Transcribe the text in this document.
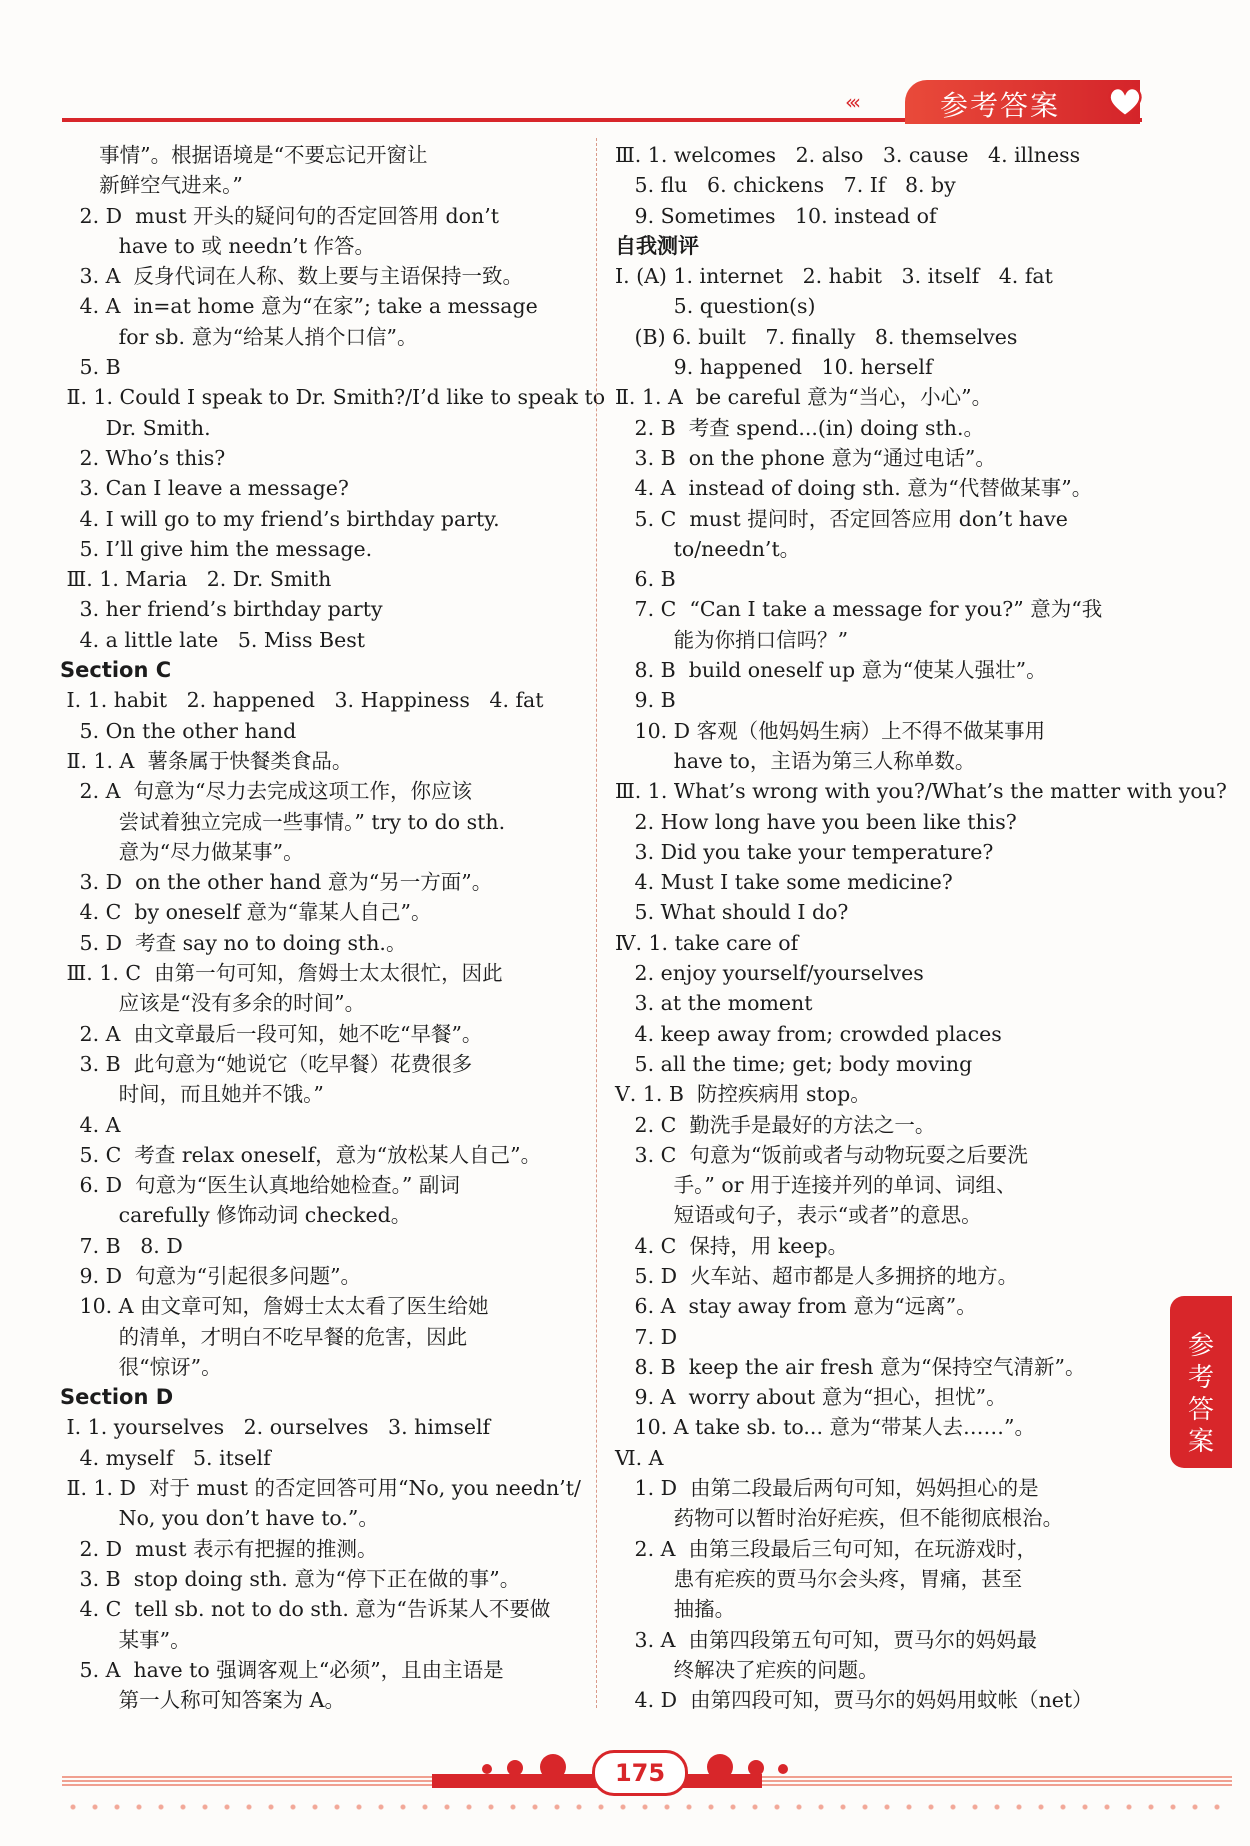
‹‹‹	参考答案
事情”。根据语境是“不要忘记开窗让
新鲜空气进来。”
2. D  must 开头的疑问句的否定回答用 don’t
have to 或 needn’t 作答。
3. A  反身代词在人称、数上要与主语保持一致。
4. A  in=at home 意为“在家”; take a message
for sb. 意为“给某人捎个口信”。
5. B
Ⅱ. 1. Could I speak to Dr. Smith?/I’d like to speak to
Dr. Smith.
2. Who’s this?
3. Can I leave a message?
4. I will go to my friend’s birthday party.
5. I’ll give him the message.
Ⅲ. 1. Maria   2. Dr. Smith
3. her friend’s birthday party
4. a little late   5. Miss Best
Section C
Ⅰ. 1. habit   2. happened   3. Happiness   4. fat
5. On the other hand
Ⅱ. 1. A  薯条属于快餐类食品。
2. A  句意为“尽力去完成这项工作，你应该
尝试着独立完成一些事情。” try to do sth.
意为“尽力做某事”。
3. D  on the other hand 意为“另一方面”。
4. C  by oneself 意为“靠某人自己”。
5. D  考查 say no to doing sth.。
Ⅲ. 1. C  由第一句可知，詹姆士太太很忙，因此
应该是“没有多余的时间”。
2. A  由文章最后一段可知，她不吃“早餐”。
3. B  此句意为“她说它（吃早餐）花费很多
时间，而且她并不饿。”
4. A
5. C  考查 relax oneself，意为“放松某人自己”。
6. D  句意为“医生认真地给她检查。” 副词
carefully 修饰动词 checked。
7. B   8. D
9. D  句意为“引起很多问题”。
10. A 由文章可知，詹姆士太太看了医生给她
的清单，才明白不吃早餐的危害，因此
很“惊讶”。
Section D
Ⅰ. 1. yourselves   2. ourselves   3. himself
4. myself   5. itself
Ⅱ. 1. D  对于 must 的否定回答可用“No, you needn’t/
No, you don’t have to.”。
2. D  must 表示有把握的推测。
3. B  stop doing sth. 意为“停下正在做的事”。
4. C  tell sb. not to do sth. 意为“告诉某人不要做
某事”。
5. A  have to 强调客观上“必须”，且由主语是
第一人称可知答案为 A。
Ⅲ. 1. welcomes   2. also   3. cause   4. illness
5. flu   6. chickens   7. If   8. by
9. Sometimes   10. instead of
自我测评
Ⅰ. (A) 1. internet   2. habit   3. itself   4. fat
5. question(s)
(B) 6. built   7. finally   8. themselves
9. happened   10. herself
Ⅱ. 1. A  be careful 意为“当心，小心”。
2. B  考查 spend...(in) doing sth.。
3. B  on the phone 意为“通过电话”。
4. A  instead of doing sth. 意为“代替做某事”。
5. C  must 提问时，否定回答应用 don’t have
to/needn’t。
6. B
7. C  “Can I take a message for you?” 意为“我
能为你捎口信吗？”
8. B  build oneself up 意为“使某人强壮”。
9. B
10. D 客观（他妈妈生病）上不得不做某事用
have to，主语为第三人称单数。
Ⅲ. 1. What’s wrong with you?/What’s the matter with you?
2. How long have you been like this?
3. Did you take your temperature?
4. Must I take some medicine?
5. What should I do?
Ⅳ. 1. take care of
2. enjoy yourself/yourselves
3. at the moment
4. keep away from; crowded places
5. all the time; get; body moving
Ⅴ. 1. B  防控疾病用 stop。
2. C  勤洗手是最好的方法之一。
3. C  句意为“饭前或者与动物玩耍之后要洗
手。” or 用于连接并列的单词、词组、
短语或句子，表示“或者”的意思。
4. C  保持，用 keep。
5. D  火车站、超市都是人多拥挤的地方。
6. A  stay away from 意为“远离”。
7. D
8. B  keep the air fresh 意为“保持空气清新”。
9. A  worry about 意为“担心，担忧”。
10. A take sb. to... 意为“带某人去……”。
Ⅵ. A
1. D  由第二段最后两句可知，妈妈担心的是
药物可以暂时治好疟疾，但不能彻底根治。
2. A  由第三段最后三句可知，在玩游戏时，
患有疟疾的贾马尔会头疼，胃痛，甚至
抽搐。
3. A  由第四段第五句可知，贾马尔的妈妈最
终解决了疟疾的问题。
4. D  由第四段可知，贾马尔的妈妈用蚊帐（net）
参考答案
175
